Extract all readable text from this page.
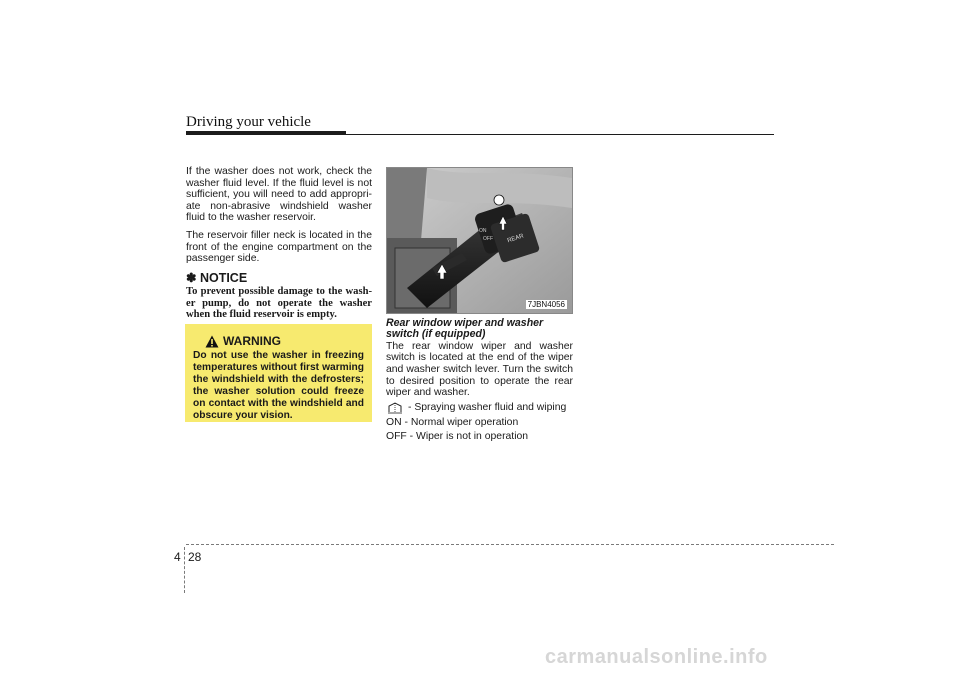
Driving your vehicle

If the washer does not work, check the washer fluid level. If the fluid level is not sufficient, you will need to add appropri-ate non-abrasive windshield washer fluid to the washer reservoir.

The reservoir filler neck is located in the front of the engine compartment on the passenger side.

✽ NOTICE
To prevent possible damage to the wash-er pump, do not operate the washer when the fluid reservoir is empty.
WARNING
Do not use the washer in freezing temperatures without first warming the windshield with the defrosters; the washer solution could freeze on contact with the windshield and obscure your vision.
REAR
ON
OFF
7JBN4056

Rear window wiper and washer switch (if equipped)

The rear window wiper and washer switch is located at the end of the wiper and washer switch lever. Turn the switch to desired position to operate the rear wiper and washer.

- Spraying washer fluid and wiping
ON - Normal wiper operation
OFF - Wiper is not in operation
4 28
carmanualsonline.info
